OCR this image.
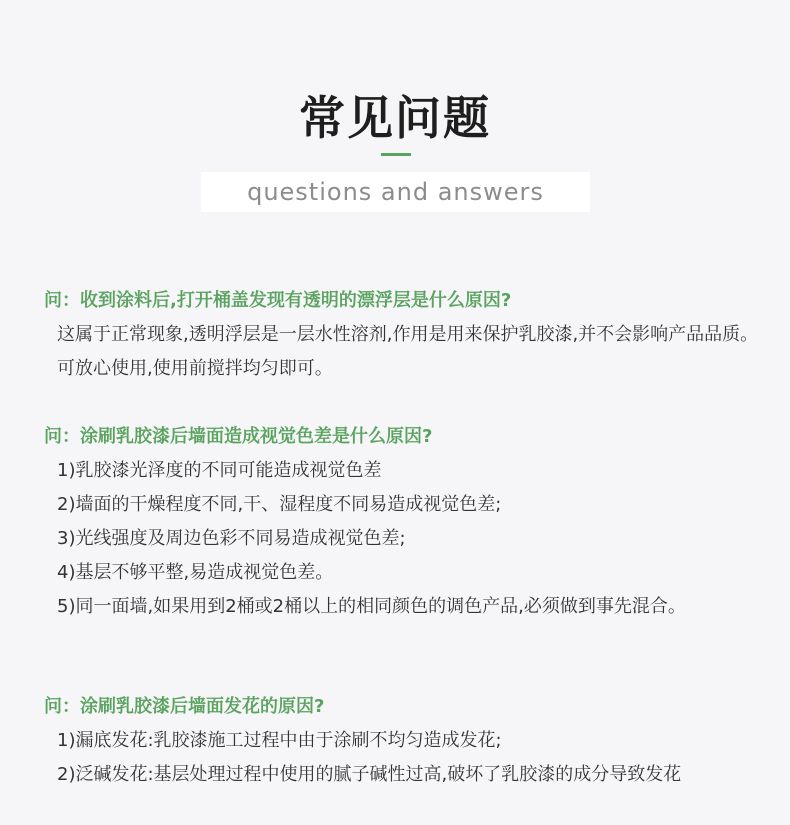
常见问题
questions and answers
问：收到涂料后,打开桶盖发现有透明的漂浮层是什么原因?

这属于正常现象,透明浮层是一层水性溶剂,作用是用来保护乳胶漆,并不会影响产品品质。可放心使用,使用前搅拌均匀即可。

问：涂刷乳胶漆后墙面造成视觉色差是什么原因?

1)乳胶漆光泽度的不同可能造成视觉色差

2)墙面的干燥程度不同,干、湿程度不同易造成视觉色差;

3)光线强度及周边色彩不同易造成视觉色差;

4)基层不够平整,易造成视觉色差。

5)同一面墙,如果用到2桶或2桶以上的相同颜色的调色产品,必须做到事先混合。

问：涂刷乳胶漆后墙面发花的原因?

1)漏底发花:乳胶漆施工过程中由于涂刷不均匀造成发花;

2)泛碱发花:基层处理过程中使用的腻子碱性过高,破坏了乳胶漆的成分导致发花
